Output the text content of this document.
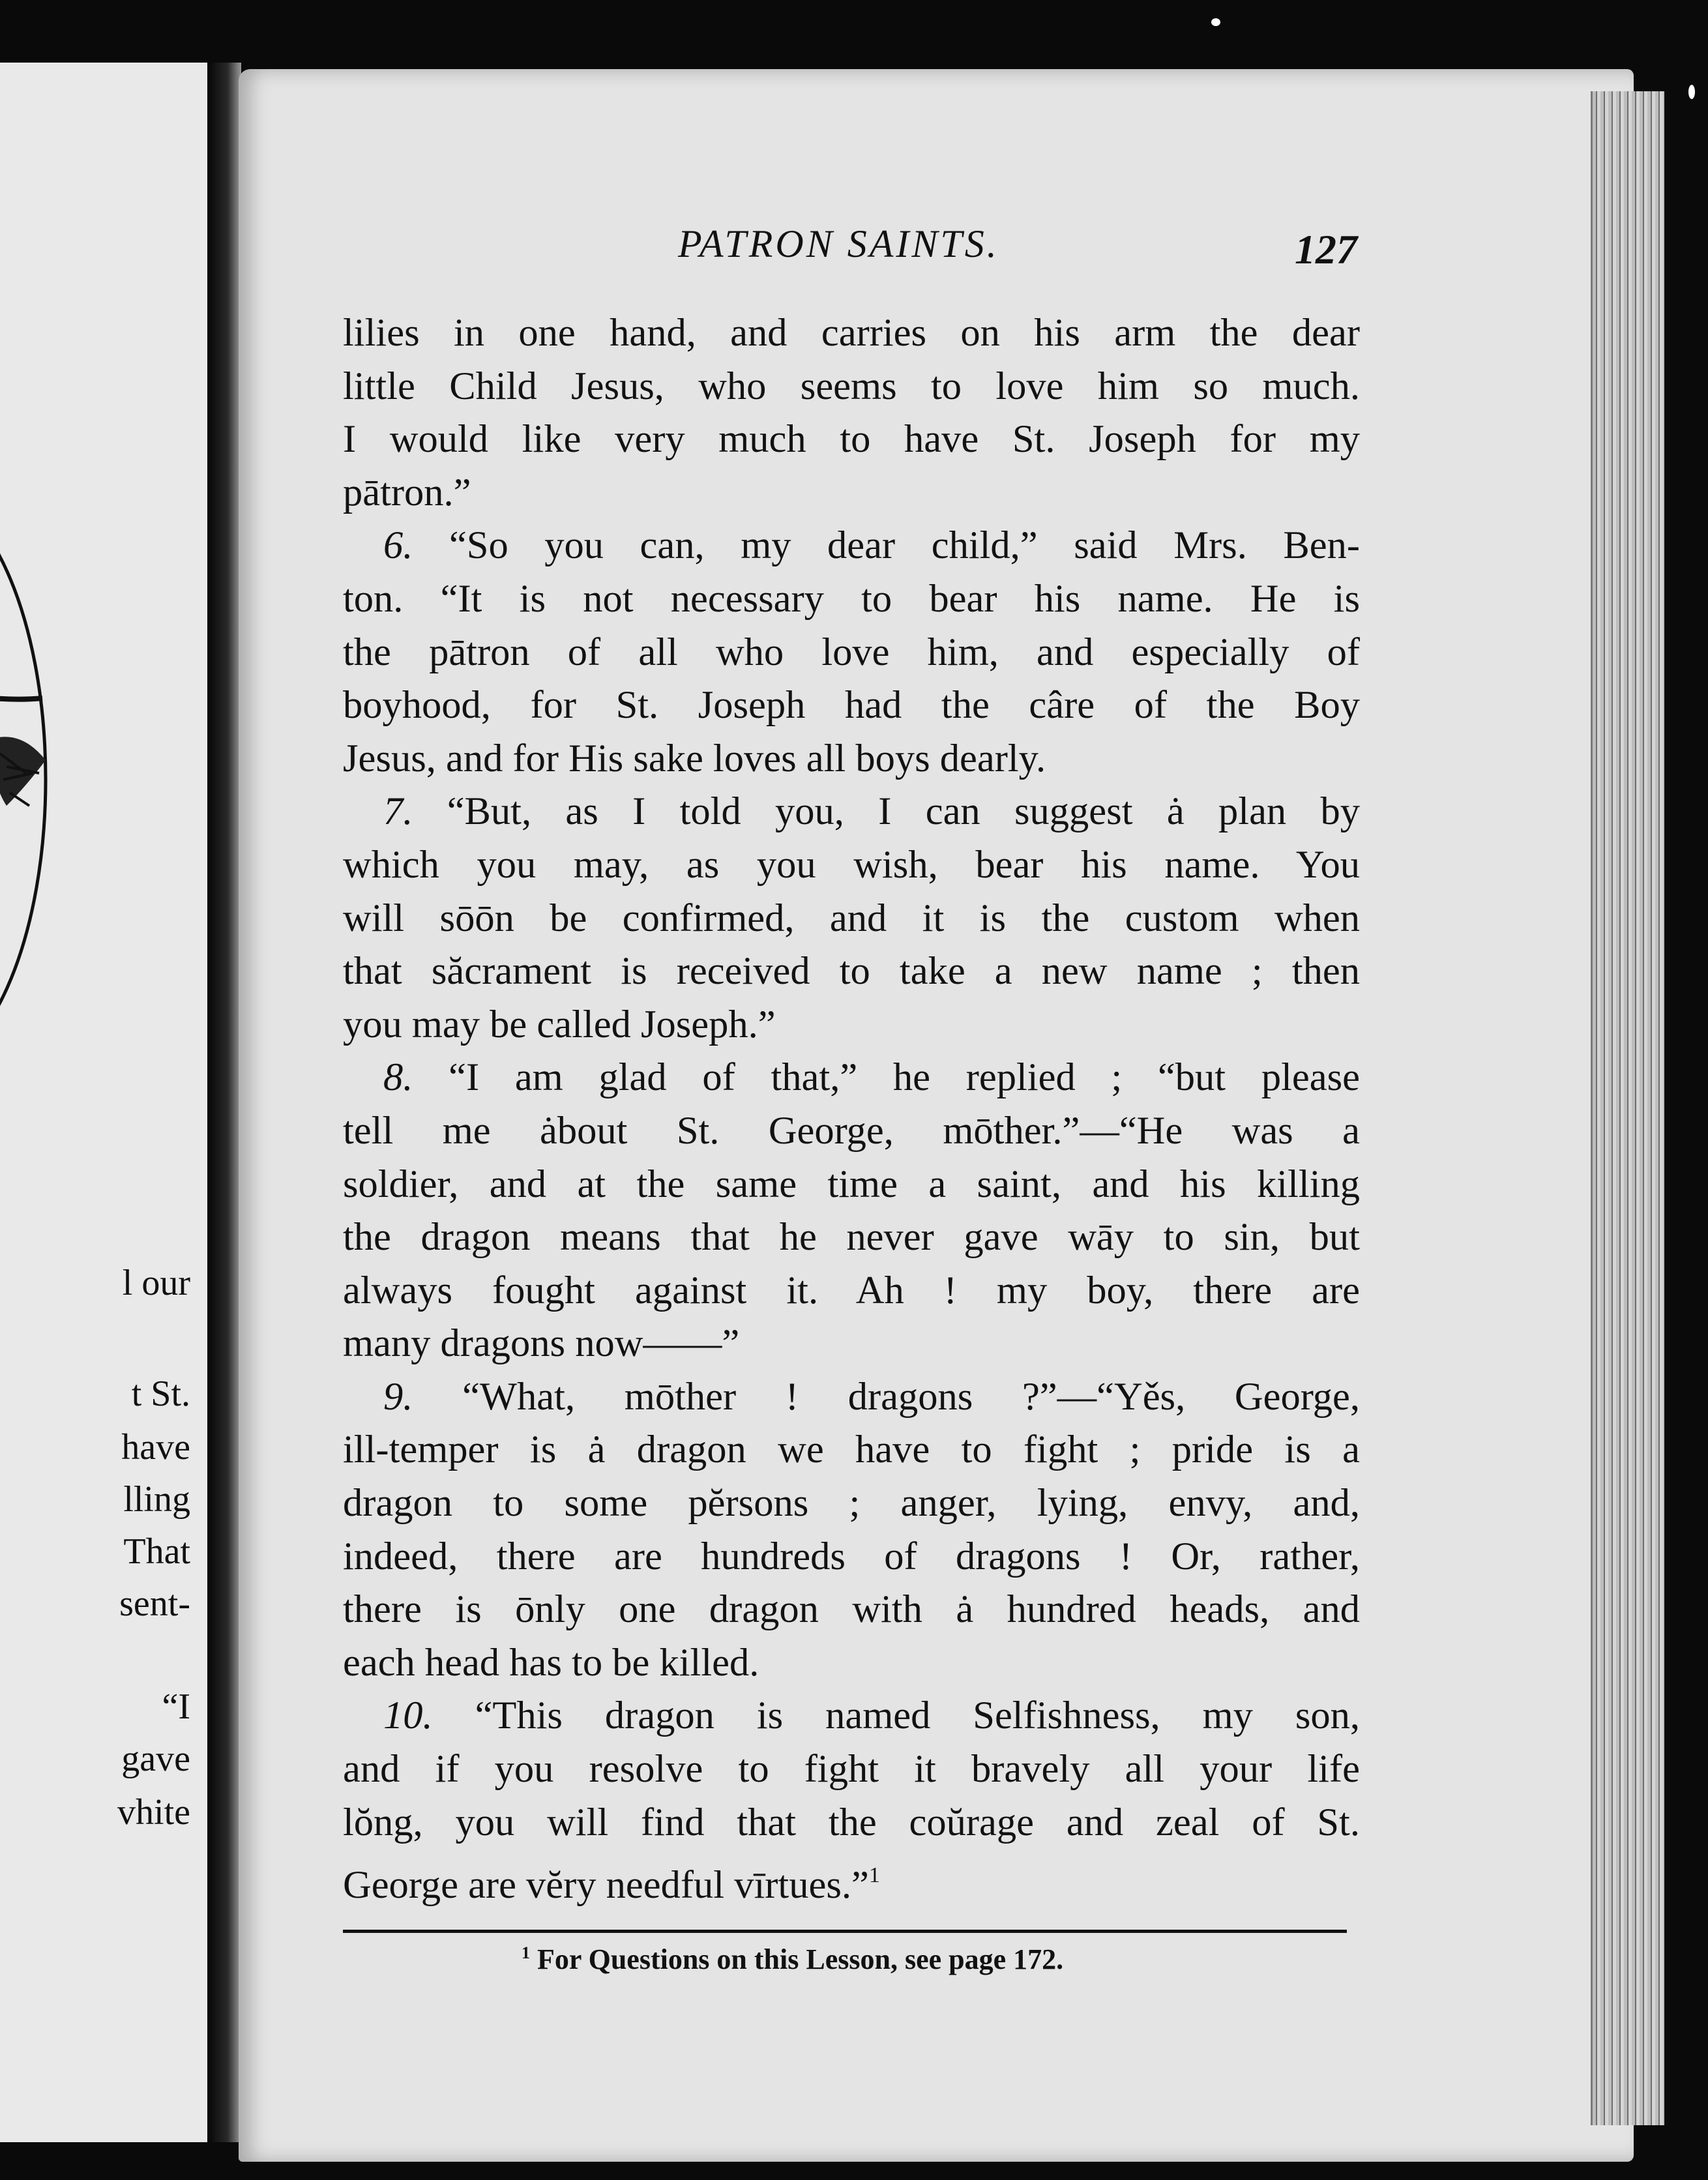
l our
t St.
have
lling
That
sent-
“I
gave
vhite
PATRON SAINTS.	127
lilies in one hand, and carries on his arm the dear
little Child Jesus, who seems to love him so much.
I would like very much to have St. Joseph for my
pātron.”
6. “So you can, my dear child,” said Mrs. Ben-
ton. “It is not necessary to bear his name. He is
the pātron of all who love him, and especially of
boyhood, for St. Joseph had the câre of the Boy
Jesus, and for His sake loves all boys dearly.
7. “But, as I told you, I can suggest ȧ plan by
which you may, as you wish, bear his name. You
will sōōn be confirmed, and it is the custom when
that săcrament is received to take a new name ; then
you may be called Joseph.”
8. “I am glad of that,” he replied ; “but please
tell me ȧbout St. George, mōther.”—“He was a
soldier, and at the same time a saint, and his killing
the dragon means that he never gave wāy to sin, but
always fought against it. Ah ! my boy, there are
many dragons now——”
9. “What, mōther ! dragons ?”—“Yěs, George,
ill-temper is ȧ dragon we have to fight ; pride is a
dragon to some pĕrsons ; anger, lying, envy, and,
indeed, there are hundreds of dragons ! Or, rather,
there is ōnly one dragon with ȧ hundred heads, and
each head has to be killed.
10. “This dragon is named Selfishness, my son,
and if you resolve to fight it bravely all your life
lŏng, you will find that the coŭrage and zeal of St.
George are vĕry needful vīrtues.”$^1$
$^1$ For Questions on this Lesson, see page 172.
